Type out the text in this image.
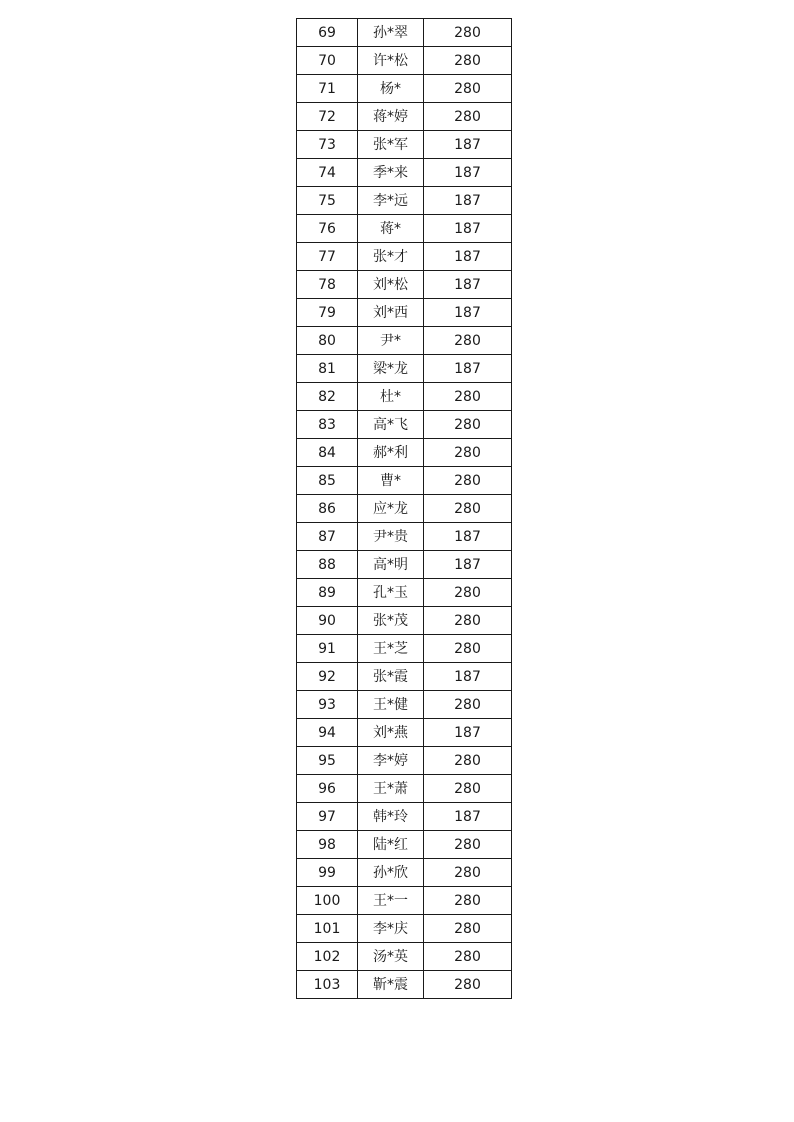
69	孙*翠	280
70	许*松	280
71	杨*	280
72	蒋*婷	280
73	张*军	187
74	季*来	187
75	李*远	187
76	蒋*	187
77	张*才	187
78	刘*松	187
79	刘*西	187
80	尹*	280
81	梁*龙	187
82	杜*	280
83	高*飞	280
84	郝*利	280
85	曹*	280
86	应*龙	280
87	尹*贵	187
88	高*明	187
89	孔*玉	280
90	张*茂	280
91	王*芝	280
92	张*霞	187
93	王*健	280
94	刘*燕	187
95	李*婷	280
96	王*萧	280
97	韩*玲	187
98	陆*红	280
99	孙*欣	280
100	王*一	280
101	李*庆	280
102	汤*英	280
103	靳*震	280
